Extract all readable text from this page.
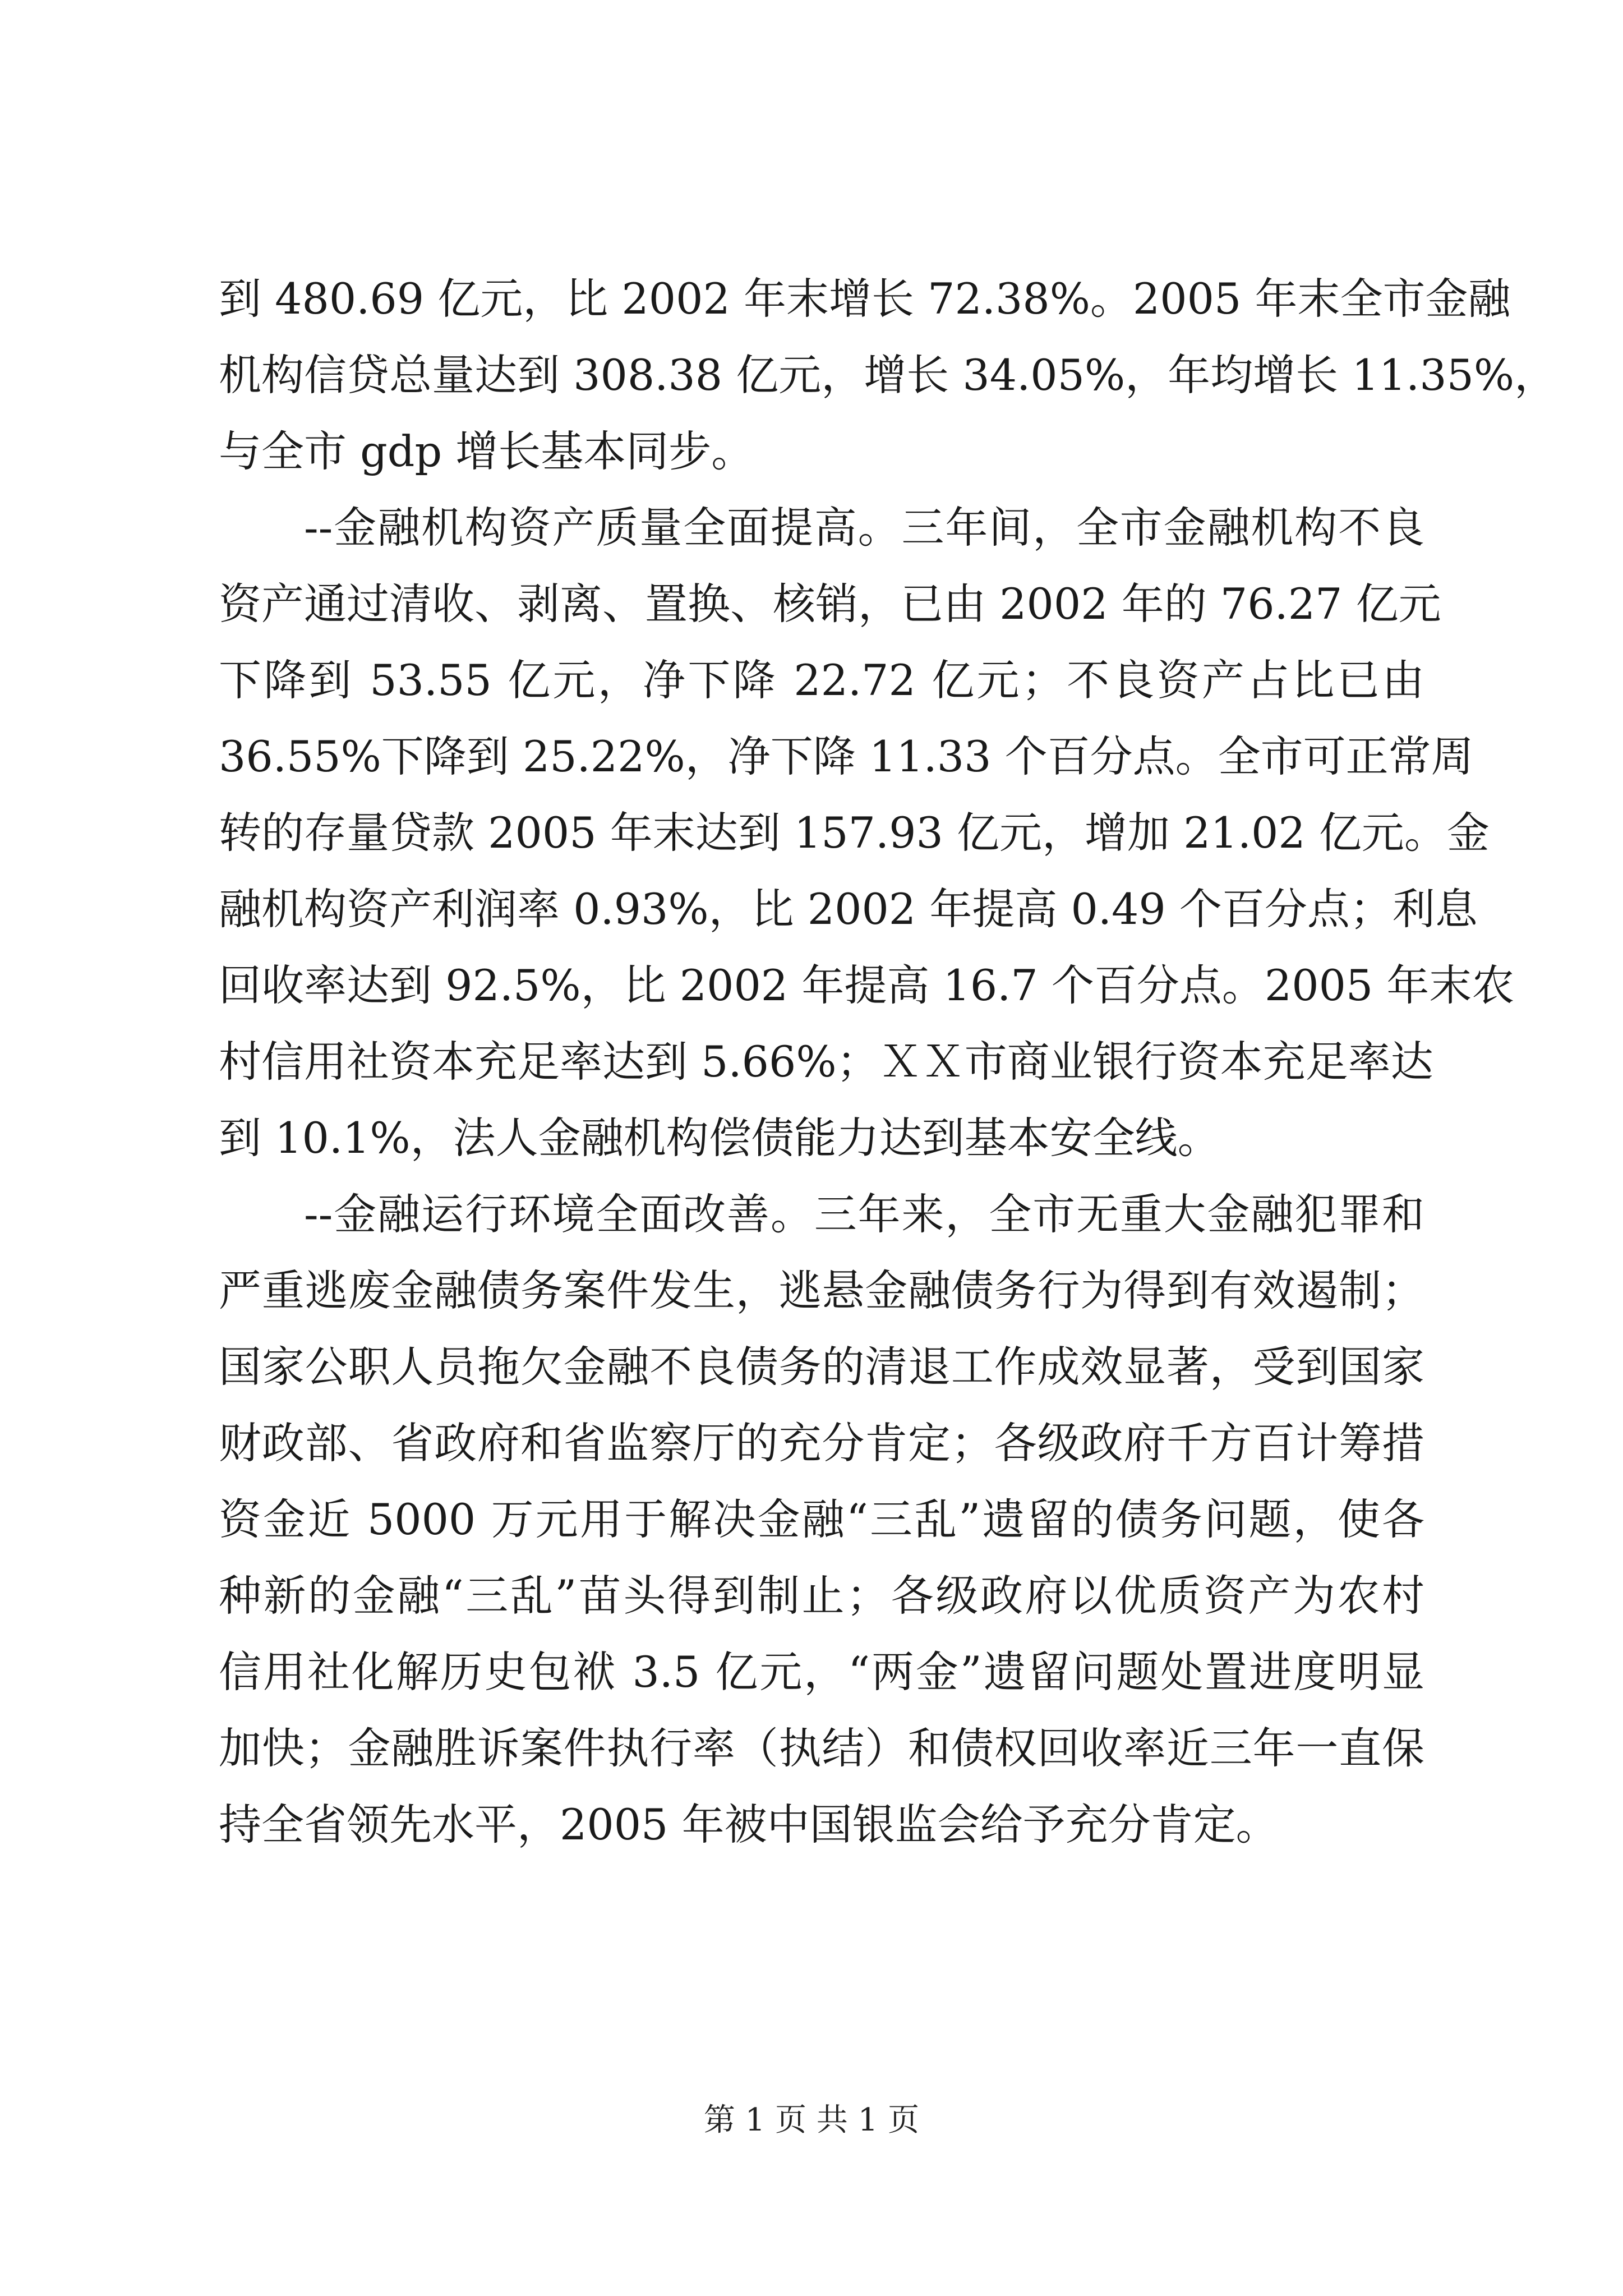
到 480.69 亿元，比 2002 年末增长 72.38%。2005 年末全市金融
机构信贷总量达到 308.38 亿元，增长 34.05%，年均增长 11.35%，
与全市 gdp 增长基本同步。
--金融机构资产质量全面提高。三年间，全市金融机构不良
资产通过清收、剥离、置换、核销，已由 2002 年的 76.27 亿元
下降到 53.55 亿元，净下降 22.72 亿元；不良资产占比已由
36.55%下降到 25.22%，净下降 11.33 个百分点。全市可正常周
转的存量贷款 2005 年末达到 157.93 亿元，增加 21.02 亿元。金
融机构资产利润率 0.93%，比 2002 年提高 0.49 个百分点；利息
回收率达到 92.5%，比 2002 年提高 16.7 个百分点。2005 年末农
村信用社资本充足率达到 5.66%；ＸＸ市商业银行资本充足率达
到 10.1%，法人金融机构偿债能力达到基本安全线。
--金融运行环境全面改善。三年来，全市无重大金融犯罪和
严重逃废金融债务案件发生，逃悬金融债务行为得到有效遏制；
国家公职人员拖欠金融不良债务的清退工作成效显著，受到国家
财政部、省政府和省监察厅的充分肯定；各级政府千方百计筹措
资金近 5000 万元用于解决金融“三乱”遗留的债务问题，使各
种新的金融“三乱”苗头得到制止；各级政府以优质资产为农村
信用社化解历史包袱 3.5 亿元，“两金”遗留问题处置进度明显
加快；金融胜诉案件执行率（执结）和债权回收率近三年一直保
持全省领先水平，2005 年被中国银监会给予充分肯定。
第 1 页 共 1 页
